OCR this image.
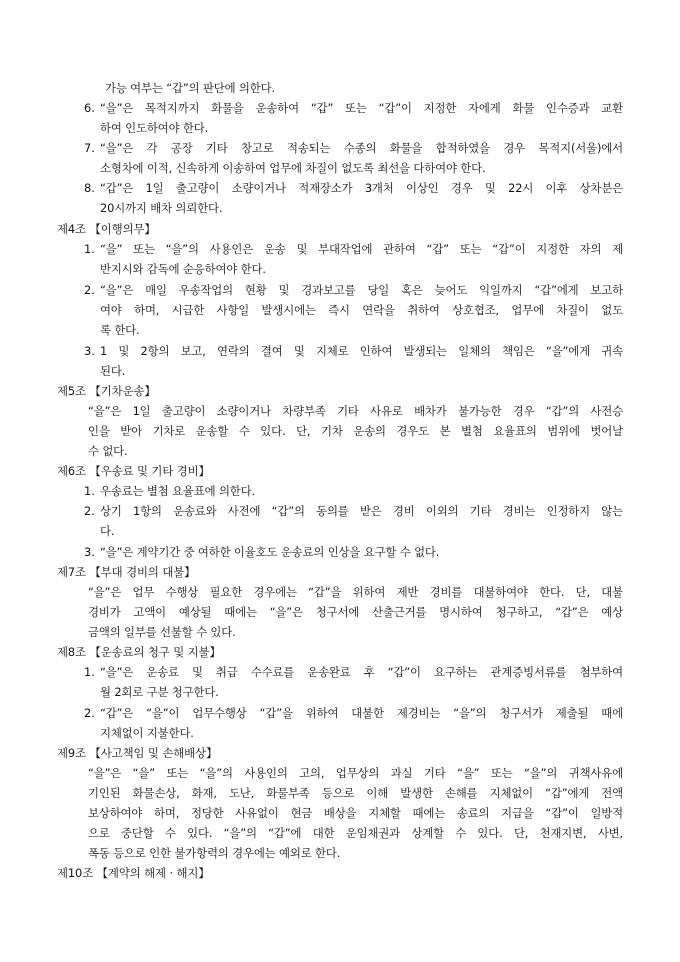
가능 여부는 “갑”의 판단에 의한다.
6. “을”은 목적지까지 화물을 운송하여 “갑” 또는 “갑”이 지정한 자에게 화물 인수증과 교환
하여 인도하여야 한다.
7. “을”은 각 공장 기타 창고로 적송되는 수종의 화물을 합적하였을 경우 목적지(서울)에서
소형차에 이적, 신속하게 이송하여 업무에 차질이 없도록 최선을 다하여야 한다.
8. “갑”은 1일 출고량이 소량이거나 적재장소가 3개처 이상인 경우 및 22시 이후 상차분은
20시까지 배차 의뢰한다.
제4조 【이행의무】
1. “을” 또는 “을”의 사용인은 운송 및 부대작업에 관하여 “갑” 또는 “갑”이 지정한 자의 제
반지시와 감독에 순응하여야 한다.
2. “을”은 매일 우송작업의 현황 및 경과보고를 당일 혹은 늦어도 익일까지 “갑”에게 보고하
여야 하며, 시급한 사항일 발생시에는 즉시 연락을 취하여 상호협조, 업무에 차질이 없도
록 한다.
3. 1 및 2항의 보고, 연락의 결여 및 지체로 인하여 발생되는 일체의 책임은 “을”에게 귀속
된다.
제5조 【기차운송】
“을”은 1일 출고량이 소량이거나 차량부족 기타 사유로 배차가 불가능한 경우 “갑”의 사전승
인을 받아 기차로 운송할 수 있다. 단, 기차 운송의 경우도 본 별첨 요율표의 범위에 벗어날
수 없다.
제6조 【우송료 및 기타 경비】
1. 우송료는 별첨 요율표에 의한다.
2. 상기 1항의 운송료와 사전에 “갑”의 동의를 받은 경비 이외의 기타 경비는 인정하지 않는
다.
3. “을”은 계약기간 중 여하한 이율호도 운송료의 인상을 요구할 수 없다.
제7조 【부대 경비의 대불】
“을”은 업무 수행상 필요한 경우에는 “갑”을 위하여 제반 경비를 대불하여야 한다. 단, 대불
경비가 고액이 예상될 때에는 “을”은 청구서에 산출근거를 명시하여 청구하고, “갑”은 예상
금액의 일부를 선불할 수 있다.
제8조 【운송료의 청구 및 지불】
1. “을”은 운송료 및 취급 수수료를 운송완료 후 “갑”이 요구하는 관계증빙서류를 첨부하여
월 2회로 구분 청구한다.
2. “갑”은 “을”이 업무수행상 “갑”을 위하여 대불한 제경비는 “을”의 청구서가 제출될 때에
지체없이 지불한다.
제9조 【사고책임 및 손해배상】
“을”은 “을” 또는 “을”의 사용인의 고의, 업무상의 과실 기타 “을” 또는 “을”의 귀책사유에
기인된 화물손상, 화재, 도난, 화물부족 등으로 이해 발생한 손해를 지체없이 “갑”에게 전액
보상하여야 하며, 정당한 사유없이 현금 배상을 지체할 때에는 송료의 지급을 “갑”이 일방적
으로 중단할 수 있다. “을”의 “갑”에 대한 운임채권과 상계할 수 있다. 단, 천재지변, 사변,
폭동 등으로 인한 불가항력의 경우에는 예외로 한다.
제10조 【계약의 해제 · 해지】
